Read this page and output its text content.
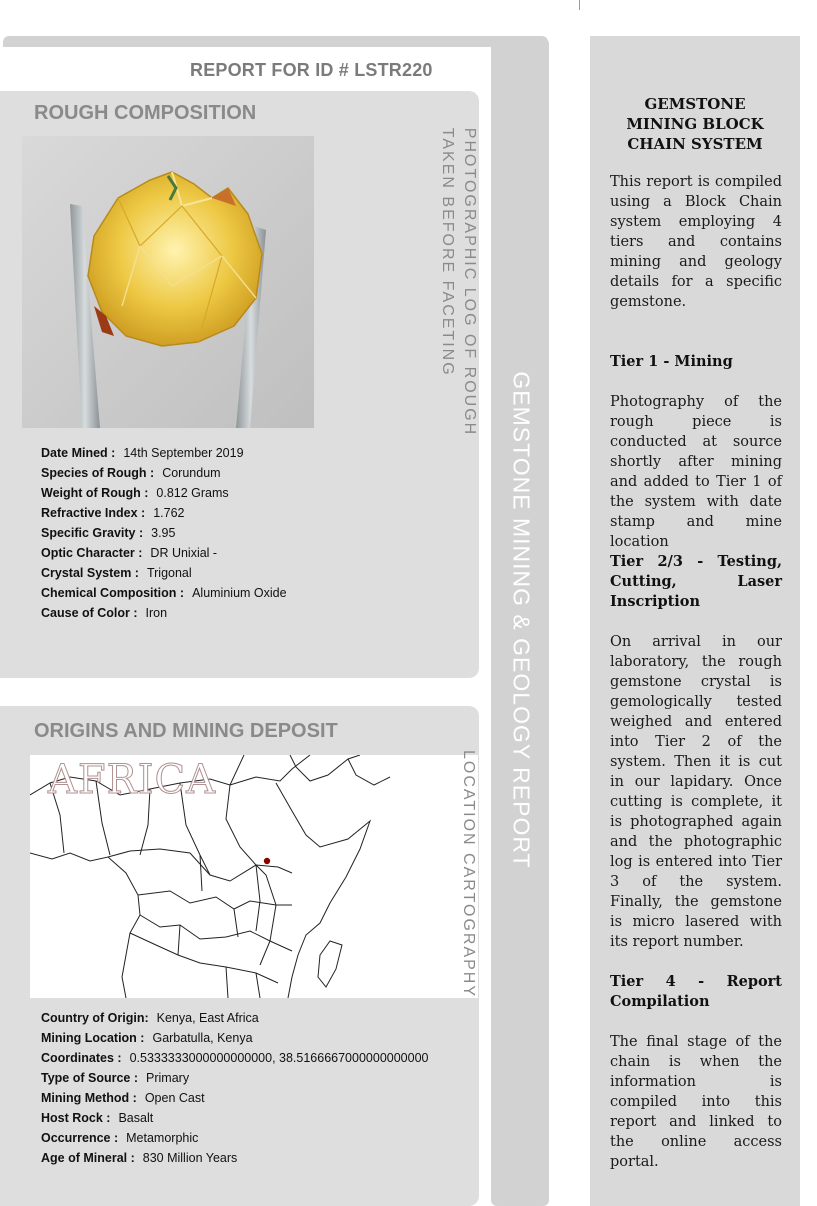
GEMSTONE MINING & GEOLOGY REPORT
REPORT FOR ID # LSTR220
ROUGH COMPOSITION
PHOTOGRAPHIC LOG OF ROUGH
TAKEN BEFORE FACETING
Date Mined : 14th September 2019
Species of Rough : Corundum
Weight of Rough : 0.812 Grams
Refractive Index : 1.762
Specific Gravity : 3.95
Optic Character : DR Unixial -
Crystal System : Trigonal
Chemical Composition : Aluminium Oxide
Cause of Color : Iron
ORIGINS AND MINING DEPOSIT
AFRICA	LOCATION CARTOGRAPHY
Country of Origin: Kenya, East Africa
Mining Location : Garbatulla, Kenya
Coordinates : 0.5333333000000000000, 38.5166667000000000000
Type of Source : Primary
Mining Method : Open Cast
Host Rock : Basalt
Occurrence : Metamorphic
Age of Mineral : 830 Million Years
GEMSTONE
MINING BLOCK
CHAIN SYSTEM
This report is compiled using a Block Chain system employing 4 tiers and contains mining and geology details for a specific gemstone.
Tier 1 - Mining
Photography of the rough piece is conducted at source shortly after mining and added to Tier 1 of the system with date stamp and mine location
Tier 2/3 - Testing, Cutting, Laser Inscription
On arrival in our laboratory, the rough gemstone crystal is gemologically tested weighed and entered into Tier 2 of the system. Then it is cut in our lapidary. Once cutting is complete, it is photographed again and the photographic log is entered into Tier 3 of the system. Finally, the gemstone is micro lasered with its report number.
Tier 4 - Report Compilation
The final stage of the chain is when the information is compiled into this report and linked to the online access portal.
